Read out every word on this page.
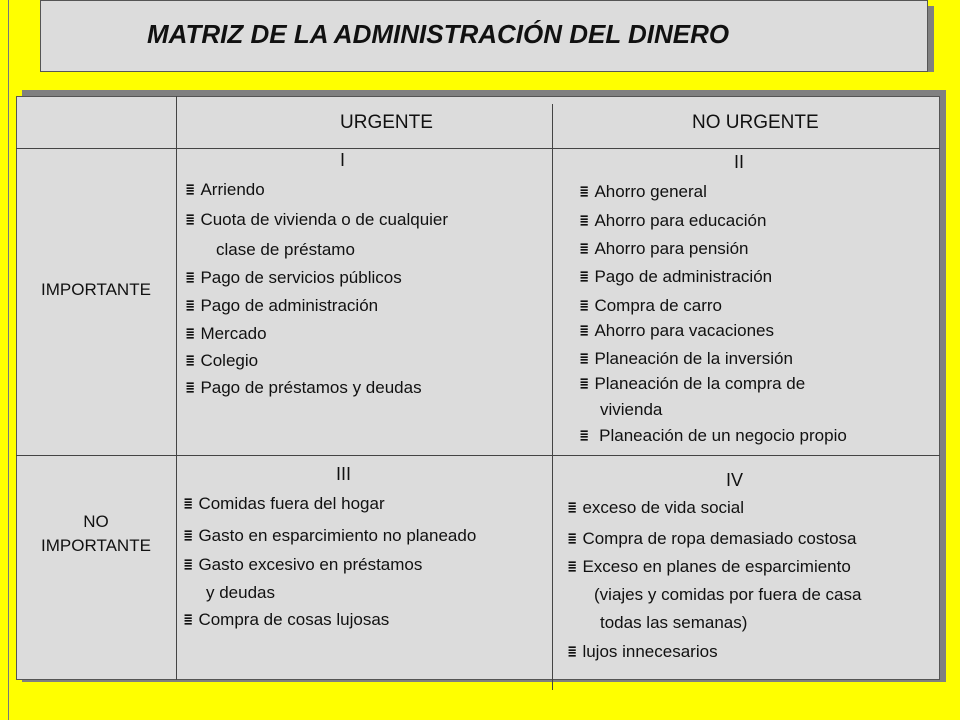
MATRIZ DE LA ADMINISTRACIÓN DEL DINERO
URGENTE	NO URGENTE
IMPORTANTE
NO
IMPORTANTE
I
≣ Arriendo
≣ Cuota de vivienda o de cualquier
clase de préstamo
≣ Pago de servicios públicos
≣ Pago de administración
≣ Mercado
≣ Colegio
≣ Pago de préstamos y deudas
II
≣ Ahorro general
≣ Ahorro para educación
≣ Ahorro para pensión
≣ Pago de administración
≣ Compra de carro
≣ Ahorro para vacaciones
≣ Planeación de la inversión
≣ Planeación de la compra de
vivienda
≣ Planeación de un negocio propio
III
≣ Comidas fuera del hogar
≣ Gasto en esparcimiento no planeado
≣ Gasto excesivo en préstamos
y deudas
≣ Compra de cosas lujosas
IV
≣ exceso de vida social
≣ Compra de ropa demasiado costosa
≣ Exceso en planes de esparcimiento
(viajes y comidas por fuera de casa
todas las semanas)
≣ lujos innecesarios
